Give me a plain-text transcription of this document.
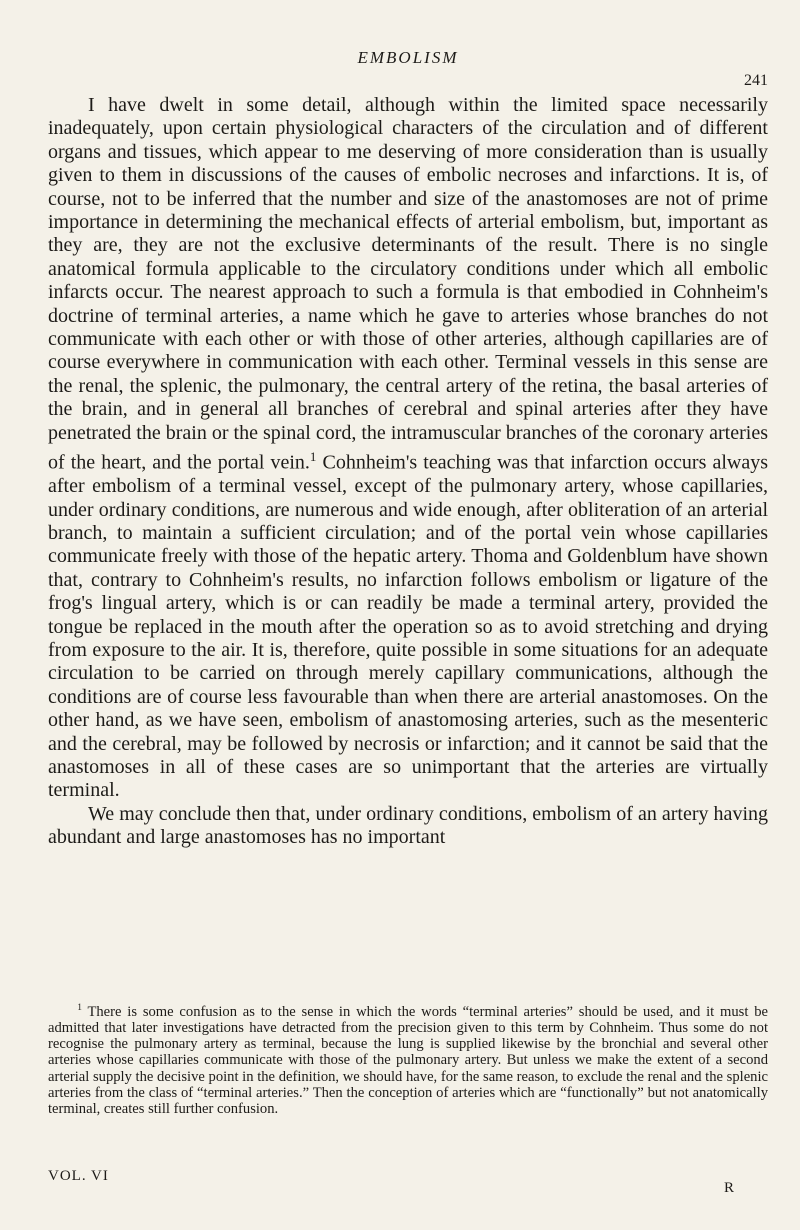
EMBOLISM
241

I have dwelt in some detail, although within the limited space necessarily inadequately, upon certain physiological characters of the circulation and of different organs and tissues, which appear to me deserving of more consideration than is usually given to them in discussions of the causes of embolic necroses and infarctions. It is, of course, not to be inferred that the number and size of the anastomoses are not of prime importance in determining the mechanical effects of arterial embolism, but, important as they are, they are not the exclusive determinants of the result. There is no single anatomical formula applicable to the circulatory conditions under which all embolic infarcts occur. The nearest approach to such a formula is that embodied in Cohnheim's doctrine of terminal arteries, a name which he gave to arteries whose branches do not communicate with each other or with those of other arteries, although capillaries are of course everywhere in communication with each other. Terminal vessels in this sense are the renal, the splenic, the pulmonary, the central artery of the retina, the basal arteries of the brain, and in general all branches of cerebral and spinal arteries after they have penetrated the brain or the spinal cord, the intramuscular branches of the coronary arteries of the heart, and the portal vein.$^1$ Cohnheim's teaching was that infarction occurs always after embolism of a terminal vessel, except of the pulmonary artery, whose capillaries, under ordinary conditions, are numerous and wide enough, after obliteration of an arterial branch, to maintain a sufficient circulation; and of the portal vein whose capillaries communicate freely with those of the hepatic artery. Thoma and Goldenblum have shown that, contrary to Cohnheim's results, no infarction follows embolism or ligature of the frog's lingual artery, which is or can readily be made a terminal artery, provided the tongue be replaced in the mouth after the operation so as to avoid stretching and drying from exposure to the air. It is, therefore, quite possible in some situations for an adequate circulation to be carried on through merely capillary communications, although the conditions are of course less favourable than when there are arterial anastomoses. On the other hand, as we have seen, embolism of anastomosing arteries, such as the mesenteric and the cerebral, may be followed by necrosis or infarction; and it cannot be said that the anastomoses in all of these cases are so unimportant that the arteries are virtually terminal.

We may conclude then that, under ordinary conditions, embolism of an artery having abundant and large anastomoses has no important

$^1$ There is some confusion as to the sense in which the words “terminal arteries” should be used, and it must be admitted that later investigations have detracted from the precision given to this term by Cohnheim. Thus some do not recognise the pulmonary artery as terminal, because the lung is supplied likewise by the bronchial and several other arteries whose capillaries communicate with those of the pulmonary artery. But unless we make the extent of a second arterial supply the decisive point in the definition, we should have, for the same reason, to exclude the renal and the splenic arteries from the class of “terminal arteries.” Then the conception of arteries which are “functionally” but not anatomically terminal, creates still further confusion.

VOL. VI
R
